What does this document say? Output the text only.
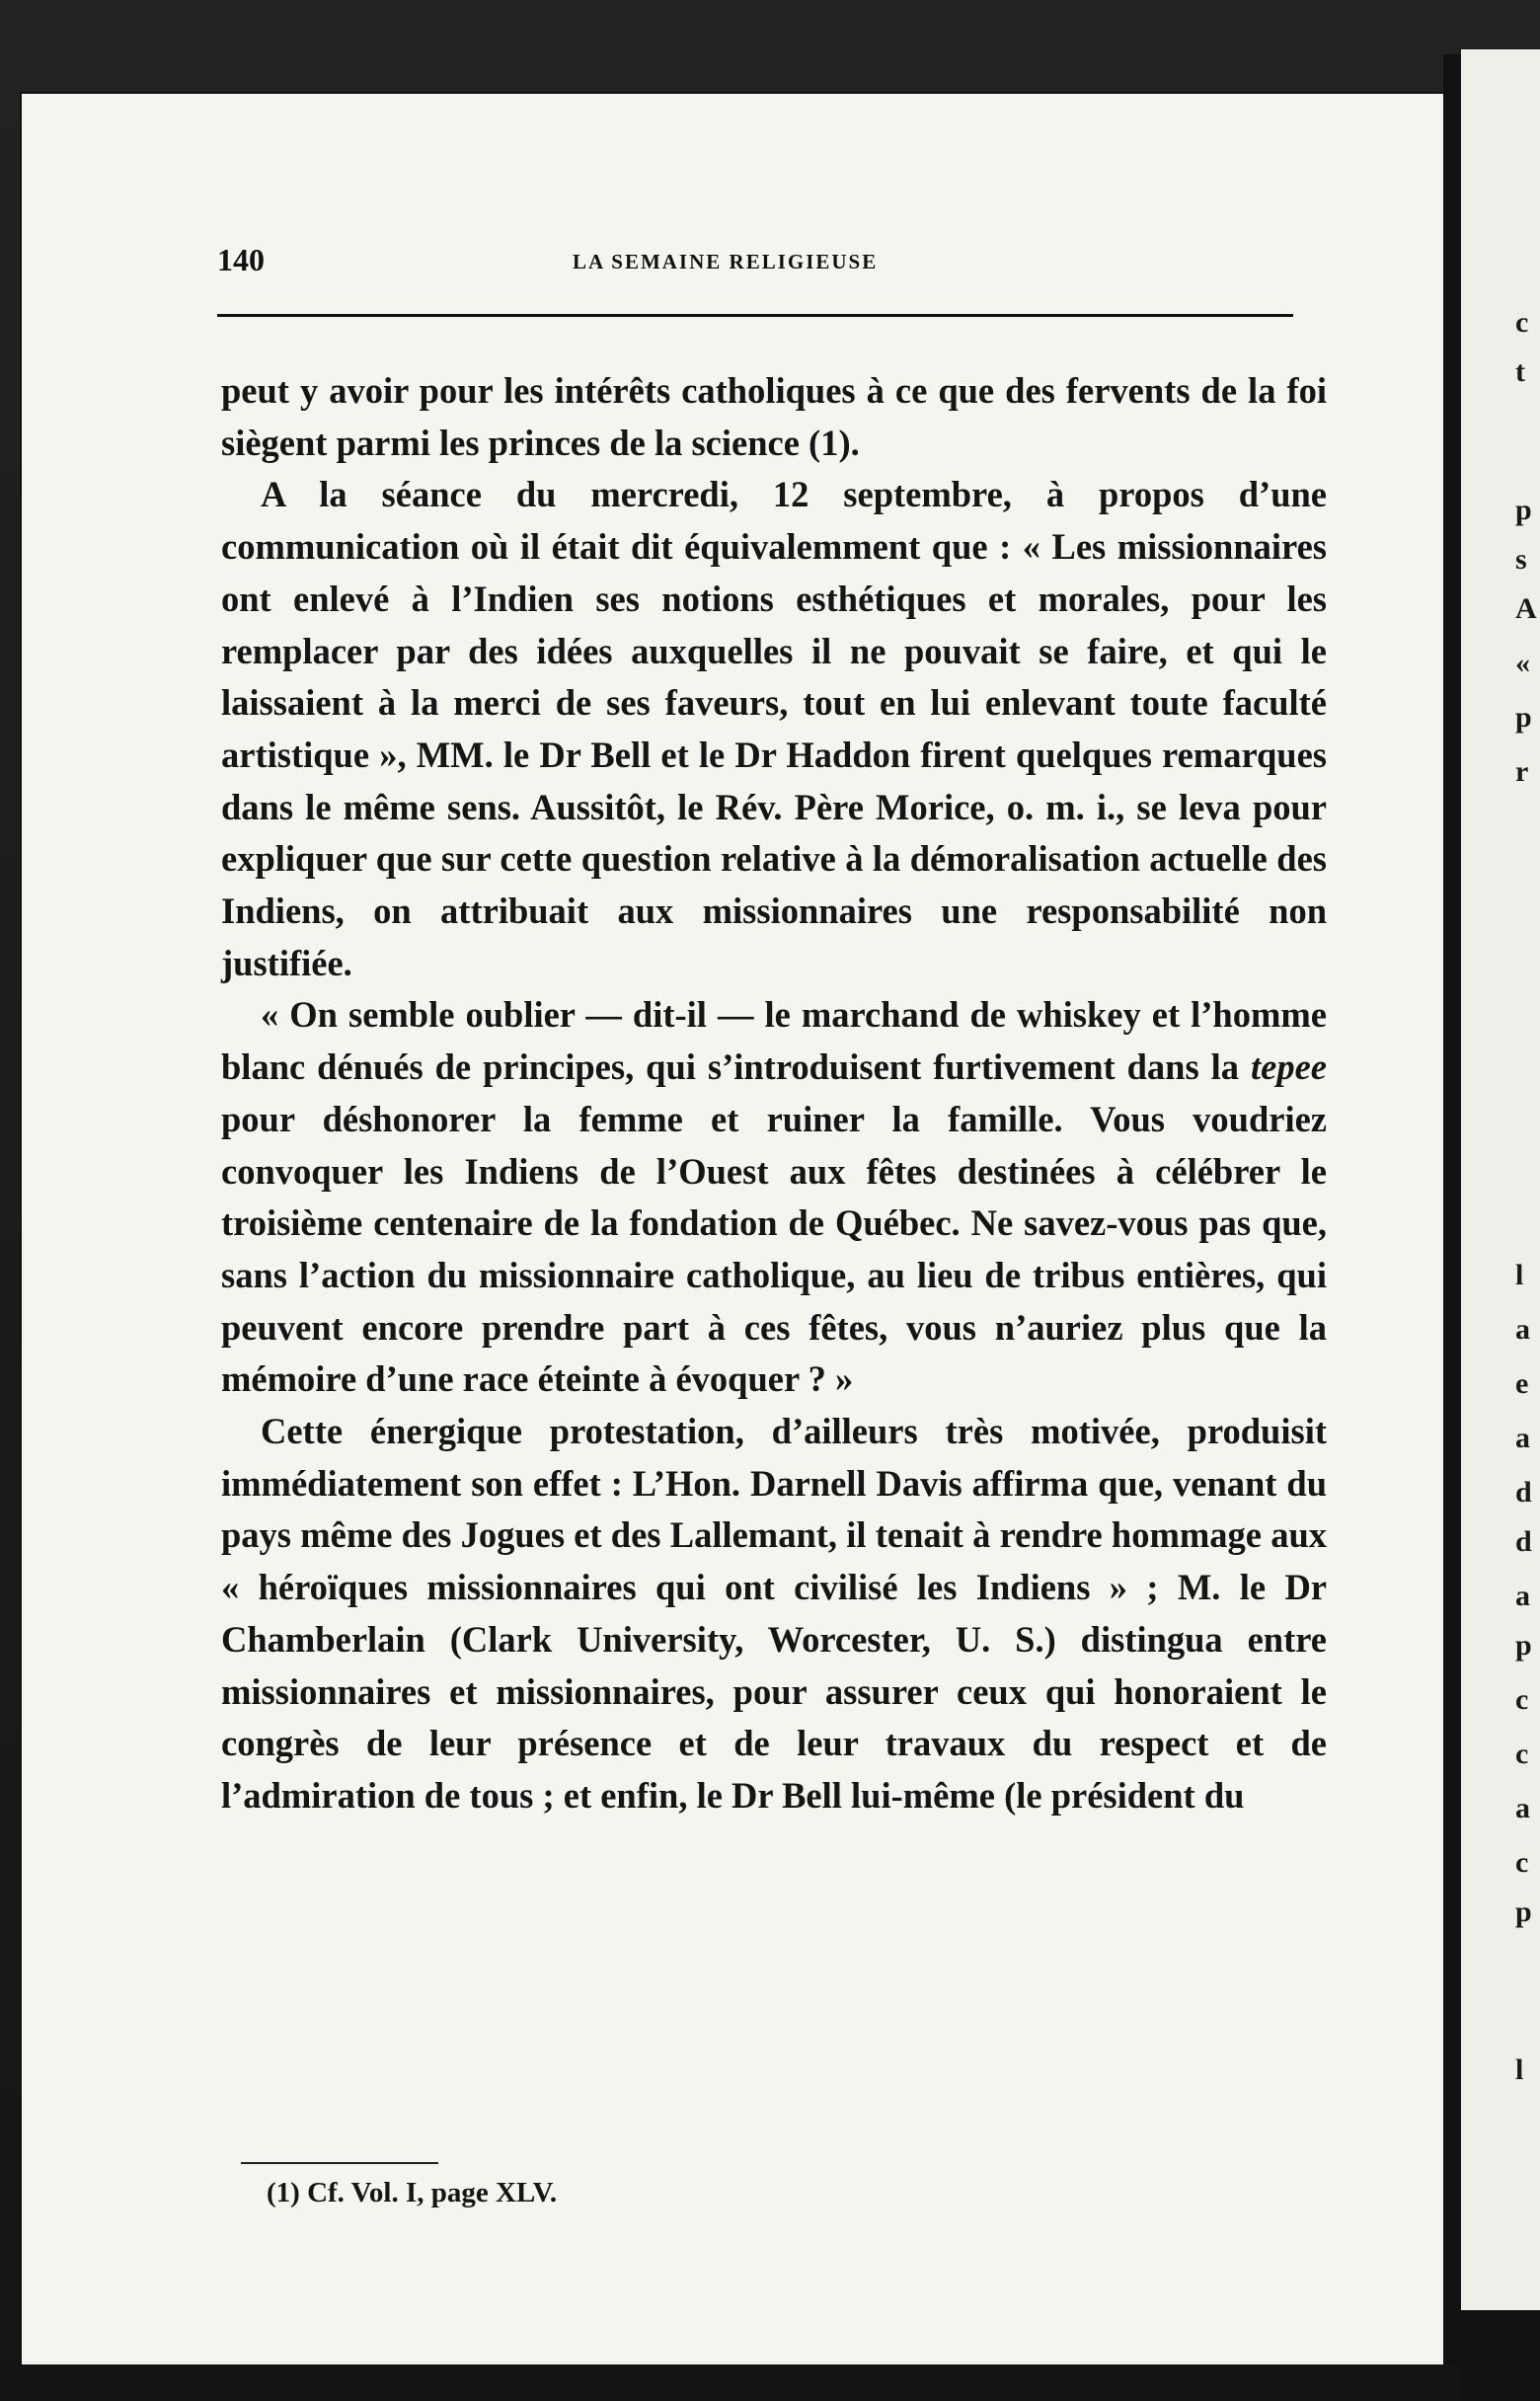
c
t
p
s
A
«
p
r
l
a
e
a
d
d
a
p
c
c
a
c
p
l
140	LA SEMAINE RELIGIEUSE

peut y avoir pour les intérêts catholiques à ce que des fervents de la foi siègent parmi les princes de la science (1).

A la séance du mercredi, 12 septembre, à propos d’une communication où il était dit équivalemment que : « Les missionnaires ont enlevé à l’Indien ses notions esthétiques et morales, pour les remplacer par des idées auxquelles il ne pouvait se faire, et qui le laissaient à la merci de ses faveurs, tout en lui enlevant toute faculté artistique », MM. le Dr Bell et le Dr Haddon firent quelques remarques dans le même sens. Aussitôt, le Rév. Père Morice, o. m. i., se leva pour expliquer que sur cette question relative à la démoralisation actuelle des Indiens, on attribuait aux missionnaires une responsabilité non justifiée.

« On semble oublier — dit-il — le marchand de whiskey et l’homme blanc dénués de principes, qui s’introduisent furtivement dans la tepee pour déshonorer la femme et ruiner la famille. Vous voudriez convoquer les Indiens de l’Ouest aux fêtes destinées à célébrer le troisième centenaire de la fondation de Québec. Ne savez-vous pas que, sans l’action du missionnaire catholique, au lieu de tribus entières, qui peuvent encore prendre part à ces fêtes, vous n’auriez plus que la mémoire d’une race éteinte à évoquer ? »

Cette énergique protestation, d’ailleurs très motivée, produisit immédiatement son effet : L’Hon. Darnell Davis affirma que, venant du pays même des Jogues et des Lallemant, il tenait à rendre hommage aux « héroïques missionnaires qui ont civilisé les Indiens » ; M. le Dr Chamberlain (Clark University, Worcester, U. S.) distingua entre missionnaires et missionnaires, pour assurer ceux qui honoraient le congrès de leur présence et de leur travaux du respect et de l’admiration de tous ; et enfin, le Dr Bell lui-même (le président du

(1) Cf. Vol. I, page XLV.
